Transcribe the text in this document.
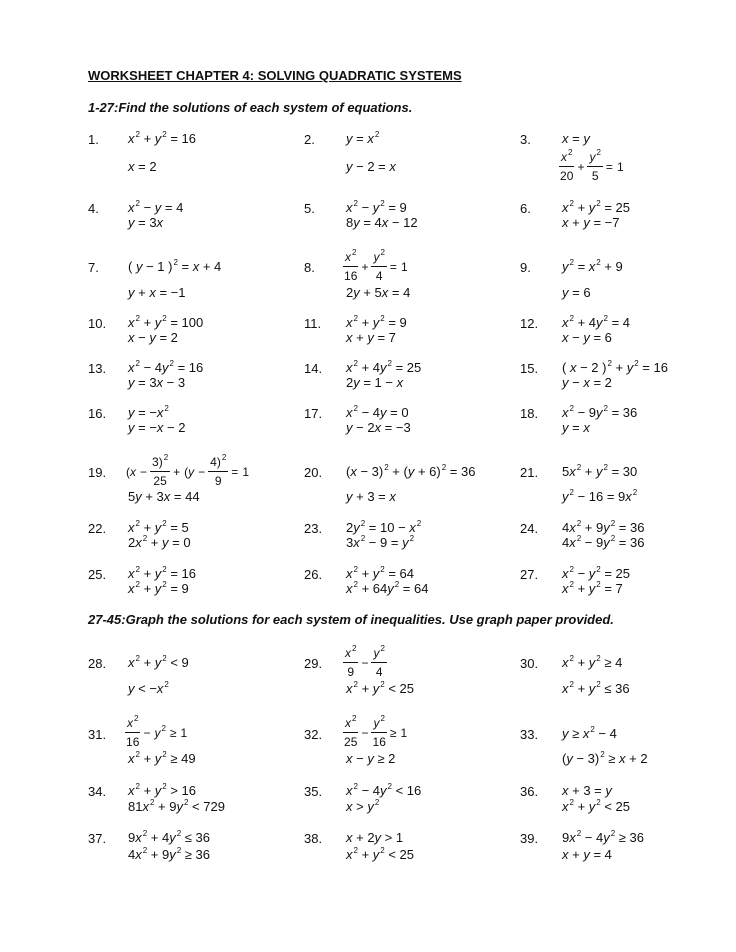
WORKSHEET CHAPTER 4: SOLVING QUADRATIC SYSTEMS
1-27:Find the solutions of each system of equations.
27-45:Graph the solutions for each system of inequalities. Use graph paper provided.
1. $x^2 + y^2 = 16$
x = 2
2. $y = x^2$
y − 2 = x
3. x = y
$\frac{x^2}{20} + \frac{y^2}{5} = 1$
4. $x^2 - y = 4$
y = 3x
5. $x^2 - y^2 = 9$
8y = 4x − 12
6. $x^2 + y^2 = 25$
x + y = −7
7. ( y − 1 )$^2$ = x + 4
y + x = −1
8. $\frac{x^2}{16} + \frac{y^2}{4} = 1$
2y + 5x = 4
9. $y^2 = x^2 + 9$
y = 6
10. $x^2 + y^2 = 100$
x − y = 2
11. $x^2 + y^2 = 9$
x + y = 7
12. $x^2 + 4y^2 = 4$
x − y = 6
13. $x^2 - 4y^2 = 16$
y = 3x − 3
14. $x^2 + 4y^2 = 25$
2y = 1 − x
15. ( x − 2 )$^2 + y^2 = 16$
y − x = 2
16. $y = -x^2$
y = −x − 2
17. $x^2 - 4y = 0$
y − 2x = −3
18. $x^2 - 9y^2 = 36$
y = x
19. ($x - \frac{3)^2}{25} + (y - \frac{4)^2}{9} = 1$
5y + 3x = 44
20. $(x - 3)^2 + (y + 6)^2 = 36$
y + 3 = x
21. $5x^2 + y^2 = 30$
$y^2 - 16 = 9x^2$
22. $x^2 + y^2 = 5$
$2x^2 + y = 0$
23. $2y^2 = 10 - x^2$
$3x^2 - 9 = y^2$
24. $4x^2 + 9y^2 = 36$
$4x^2 - 9y^2 = 36$
25. $x^2 + y^2 = 16$
$x^2 + y^2 = 9$
26. $x^2 + y^2 = 64$
$x^2 + 64y^2 = 64$
27. $x^2 - y^2 = 25$
$x^2 + y^2 = 7$
28. $x^2 + y^2 < 9$
$y < -x^2$
29. $\frac{x^2}{9} - \frac{y^2}{4}$
$x^2 + y^2 < 25$
30. $x^2 + y^2 \ge 4$
$x^2 + y^2 \le 36$
31. $\frac{x^2}{16} - y^2 \ge 1$
$x^2 + y^2 \ge 49$
32. $\frac{x^2}{25} - \frac{y^2}{16} \ge 1$
x − y ≥ 2
33. $y \ge x^2 - 4$
$(y - 3)^2 \ge x + 2$
34. $x^2 + y^2 > 16$
$81x^2 + 9y^2 < 729$
35. $x^2 - 4y^2 < 16$
$x > y^2$
36. x + 3 = y
$x^2 + y^2 < 25$
37. $9x^2 + 4y^2 \le 36$
$4x^2 + 9y^2 \ge 36$
38. x + 2y > 1
$x^2 + y^2 < 25$
39. $9x^2 - 4y^2 \ge 36$
x + y = 4
